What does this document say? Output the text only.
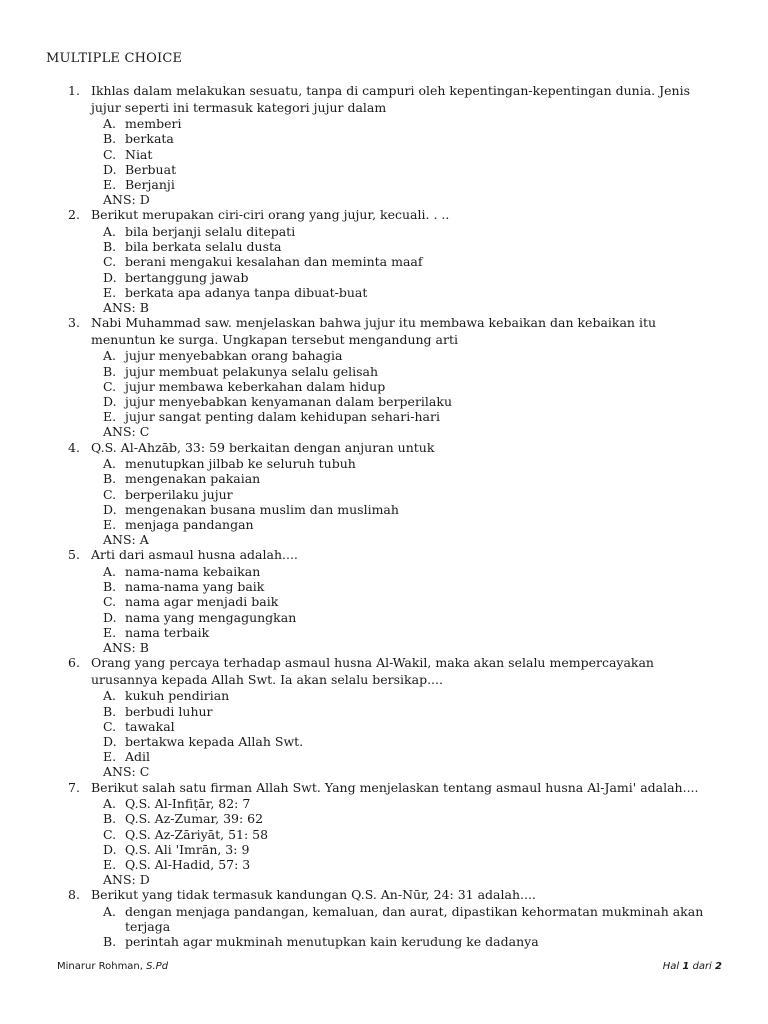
MULTIPLE CHOICE
1. Ikhlas dalam melakukan sesuatu, tanpa di campuri oleh kepentingan-kepentingan dunia. Jenis jujur seperti ini termasuk kategori jujur dalam
A. memberi
B. berkata
C. Niat
D. Berbuat
E. Berjanji
ANS: D
2. Berikut merupakan ciri-ciri orang yang jujur, kecuali. . ..
A. bila berjanji selalu ditepati
B. bila berkata selalu dusta
C. berani mengakui kesalahan dan meminta maaf
D. bertanggung jawab
E. berkata apa adanya tanpa dibuat-buat
ANS: B
3. Nabi Muhammad saw. menjelaskan bahwa jujur itu membawa kebaikan dan kebaikan itu menuntun ke surga. Ungkapan tersebut mengandung arti
A. jujur menyebabkan orang bahagia
B. jujur membuat pelakunya selalu gelisah
C. jujur membawa keberkahan dalam hidup
D. jujur menyebabkan kenyamanan dalam berperilaku
E. jujur sangat penting dalam kehidupan sehari-hari
ANS: C
4. Q.S. Al-Ahzāb, 33: 59 berkaitan dengan anjuran untuk
A. menutupkan jilbab ke seluruh tubuh
B. mengenakan pakaian
C. berperilaku jujur
D. mengenakan busana muslim dan muslimah
E. menjaga pandangan
ANS: A
5. Arti dari asmaul husna adalah....
A. nama-nama kebaikan
B. nama-nama yang baik
C. nama agar menjadi baik
D. nama yang mengagungkan
E. nama terbaik
ANS: B
6. Orang yang percaya terhadap asmaul husna Al-Wakil, maka akan selalu mempercayakan urusannya kepada Allah Swt. Ia akan selalu bersikap....
A. kukuh pendirian
B. berbudi luhur
C. tawakal
D. bertakwa kepada Allah Swt.
E. Adil
ANS: C
7. Berikut salah satu firman Allah Swt. Yang menjelaskan tentang asmaul husna Al-Jami' adalah....
A. Q.S. Al-Infiṭār, 82: 7
B. Q.S. Az-Zumar, 39: 62
C. Q.S. Az-Zāriyāt, 51: 58
D. Q.S. Ali 'Imrān, 3: 9
E. Q.S. Al-Hadid, 57: 3
ANS: D
8. Berikut yang tidak termasuk kandungan Q.S. An-Nūr, 24: 31 adalah....
A. dengan menjaga pandangan, kemaluan, dan aurat, dipastikan kehormatan mukminah akan terjaga
B. perintah agar mukminah menutupkan kain kerudung ke dadanya
Minarur Rohman, S.Pd	Hal 1 dari 2
